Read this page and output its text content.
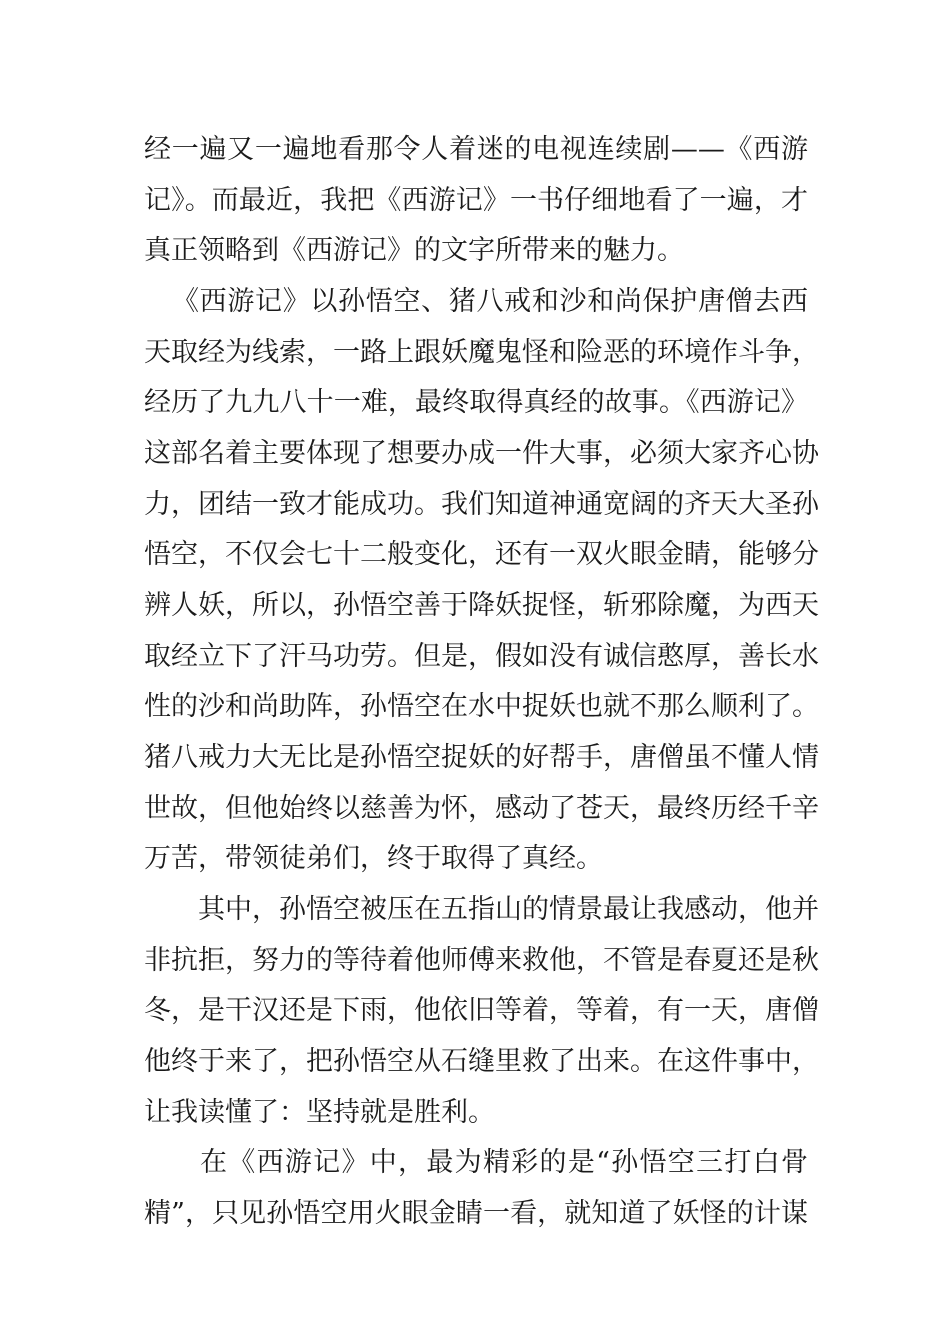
经一遍又一遍地看那令人着迷的电视连续剧——《西游
记》。而最近，我把《西游记》一书仔细地看了一遍，才
真正领略到《西游记》的文字所带来的魅力。
《西游记》以孙悟空、猪八戒和沙和尚保护唐僧去西
天取经为线索，一路上跟妖魔鬼怪和险恶的环境作斗争，
经历了九九八十一难，最终取得真经的故事。《西游记》
这部名着主要体现了想要办成一件大事，必须大家齐心协
力，团结一致才能成功。我们知道神通宽阔的齐天大圣孙
悟空，不仅会七十二般变化，还有一双火眼金睛，能够分
辨人妖，所以，孙悟空善于降妖捉怪，斩邪除魔，为西天
取经立下了汗马功劳。但是，假如没有诚信憨厚，善长水
性的沙和尚助阵，孙悟空在水中捉妖也就不那么顺利了。
猪八戒力大无比是孙悟空捉妖的好帮手，唐僧虽不懂人情
世故，但他始终以慈善为怀，感动了苍天，最终历经千辛
万苦，带领徒弟们，终于取得了真经。
其中，孙悟空被压在五指山的情景最让我感动，他并
非抗拒，努力的等待着他师傅来救他，不管是春夏还是秋
冬，是干汉还是下雨，他依旧等着，等着，有一天，唐僧
他终于来了，把孙悟空从石缝里救了出来。在这件事中，
让我读懂了：坚持就是胜利。
在《西游记》中，最为精彩的是“孙悟空三打白骨
精”，只见孙悟空用火眼金睛一看，就知道了妖怪的计谋
